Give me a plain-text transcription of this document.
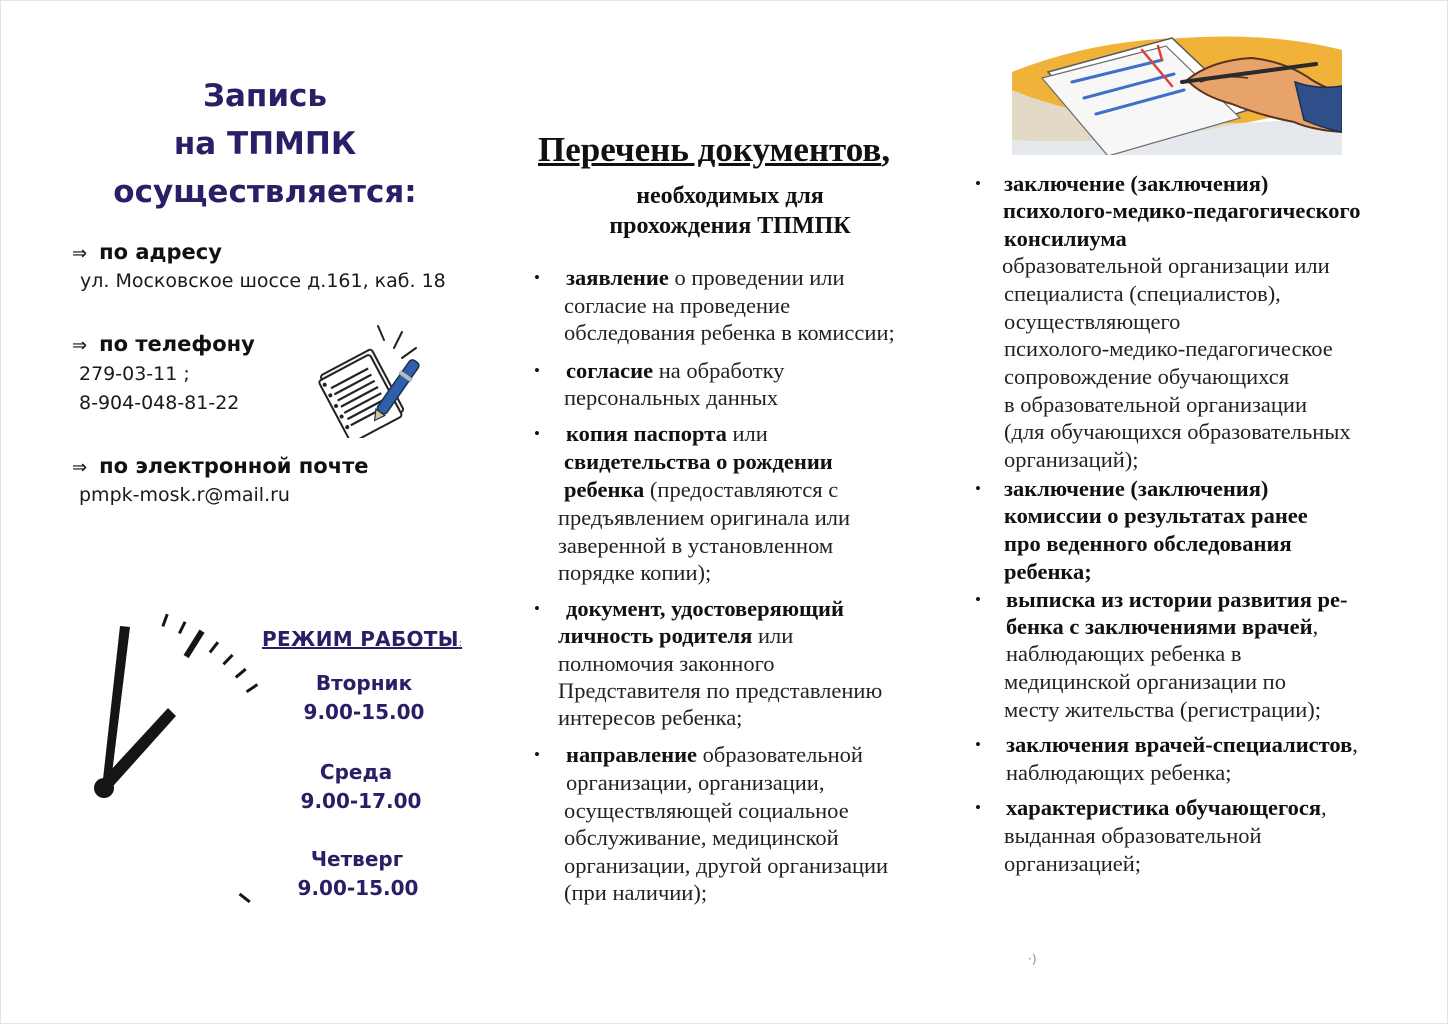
Запись
на ТПМПК
осуществляется:
⇒ по адресу
ул. Московское шоссе д.161, каб. 18
⇒ по телефону
279-03-11 ;
8-904-048-81-22
⇒ по электронной почте
pmpk-mosk.r@mail.ru
РЕЖИМ РАБОТЫ:
Вторник
9.00-15.00
Среда
9.00-17.00
Четверг
9.00-15.00
Перечень документов,
необходимых для
прохождения ТПМПК
•
•
•
•
•
заявление о проведении или
согласие на проведение
обследования ребенка в комиссии;
согласие на обработку
персональных данных
копия паспорта или
свидетельства о рождении
ребенка (предоставляются с
предъявлением оригинала или
заверенной в установленном
порядке копии);
документ, удостоверяющий
личность родителя или
полномочия законного
Представителя по представлению
интересов ребенка;
направление образовательной
организации, организации,
осуществляющей социальное
обслуживание, медицинской
организации, другой организации
(при наличии);
•
•
•
•
•
заключение (заключения)
психолого-медико-педагогического
консилиума
образовательной организации или
специалиста (специалистов),
осуществляющего
психолого-медико-педагогическое
сопровождение обучающихся
в образовательной организации
(для обучающихся образовательных
организаций);
заключение (заключения)
комиссии о результатах ранее
про веденного обследования
ребенка;
выписка из истории развития ре-
бенка с заключениями врачей,
наблюдающих ребенка в
медицинской организации по
месту жительства (регистрации);
заключения врачей-специалистов,
наблюдающих ребенка;
характеристика обучающегося,
выданная образовательной
организацией;
·)
